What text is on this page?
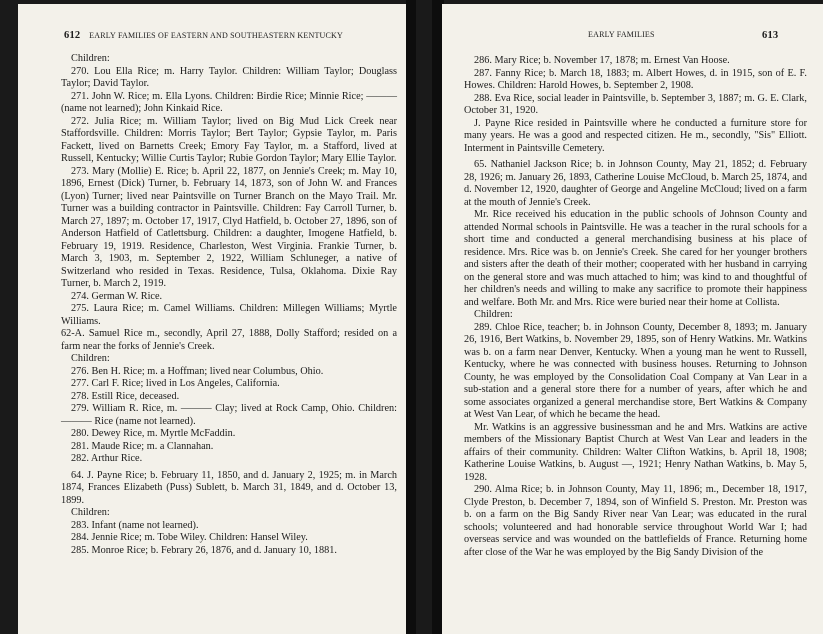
612 EARLY FAMILIES OF EASTERN AND SOUTHEASTERN KENTUCKY

Children:

270. Lou Ella Rice; m. Harry Taylor. Children: William Taylor; Douglass Taylor; David Taylor.

271. John W. Rice; m. Ella Lyons. Children: Birdie Rice; Minnie Rice; ——— (name not learned); John Kinkaid Rice.

272. Julia Rice; m. William Taylor; lived on Big Mud Lick Creek near Staffordsville. Children: Morris Taylor; Bert Taylor; Gypsie Taylor, m. Paris Fackett, lived on Barnetts Creek; Emory Fay Taylor, m. a Stafford, lived at Russell, Kentucky; Willie Curtis Taylor; Rubie Gordon Taylor; Mary Ellie Taylor.

273. Mary (Mollie) E. Rice; b. April 22, 1877, on Jennie's Creek; m. May 10, 1896, Ernest (Dick) Turner, b. February 14, 1873, son of John W. and Frances (Lyon) Turner; lived near Paintsville on Turner Branch on the Mayo Trail. Mr. Turner was a building contractor in Paintsville. Children: Fay Carroll Turner, b. March 27, 1897; m. October 17, 1917, Clyd Hatfield, b. October 27, 1896, son of Anderson Hatfield of Catlettsburg. Children: a daughter, Imogene Hatfield, b. February 19, 1919. Residence, Charleston, West Virginia. Frankie Turner, b. March 3, 1903, m. September 2, 1922, William Schluneger, a native of Switzerland who resided in Texas. Residence, Tulsa, Oklahoma. Dixie Ray Turner, b. March 2, 1919.

274. German W. Rice.

275. Laura Rice; m. Camel Williams. Children: Millegen Williams; Myrtle Williams.

62-A. Samuel Rice m., secondly, April 27, 1888, Dolly Stafford; resided on a farm near the forks of Jennie's Creek.

Children:

276. Ben H. Rice; m. a Hoffman; lived near Columbus, Ohio.

277. Carl F. Rice; lived in Los Angeles, California.

278. Estill Rice, deceased.

279. William R. Rice, m. ——— Clay; lived at Rock Camp, Ohio. Children: ——— Rice (name not learned).

280. Dewey Rice, m. Myrtle McFaddin.

281. Maude Rice; m. a Clannahan.

282. Arthur Rice.

64. J. Payne Rice; b. February 11, 1850, and d. January 2, 1925; m. in March 1874, Frances Elizabeth (Puss) Sublett, b. March 31, 1849, and d. October 13, 1899.

Children:

283. Infant (name not learned).

284. Jennie Rice; m. Tobe Wiley. Children: Hansel Wiley.

285. Monroe Rice; b. Febrary 26, 1876, and d. January 10, 1881.

EARLY FAMILIES	613

286. Mary Rice; b. November 17, 1878; m. Ernest Van Hoose.

287. Fanny Rice; b. March 18, 1883; m. Albert Howes, d. in 1915, son of E. F. Howes. Children: Harold Howes, b. September 2, 1908.

288. Eva Rice, social leader in Paintsville, b. September 3, 1887; m. G. E. Clark, October 31, 1920.

J. Payne Rice resided in Paintsville where he conducted a furniture store for many years. He was a good and respected citizen. He m., secondly, "Sis" Elliott. Interment in Paintsville Cemetery.

65. Nathaniel Jackson Rice; b. in Johnson County, May 21, 1852; d. February 28, 1926; m. January 26, 1893, Catherine Louise McCloud, b. March 25, 1874, and d. November 12, 1920, daughter of George and Angeline McCloud; lived on a farm at the mouth of Jennie's Creek.

Mr. Rice received his education in the public schools of Johnson County and attended Normal schools in Paintsville. He was a teacher in the rural schools for a short time and conducted a general merchandising business at his place of residence. Mrs. Rice was b. on Jennie's Creek. She cared for her younger brothers and sisters after the death of their mother; cooperated with her husband in carrying on the general store and was much attached to him; was kind to and thoughtful of her children's needs and willing to make any sacrifice to promote their happiness and welfare. Both Mr. and Mrs. Rice were buried near their home at Collista.

Children:

289. Chloe Rice, teacher; b. in Johnson County, December 8, 1893; m. January 26, 1916, Bert Watkins, b. November 29, 1895, son of Henry Watkins. Mr. Watkins was b. on a farm near Denver, Kentucky. When a young man he went to Russell, Kentucky, where he was connected with business houses. Returning to Johnson County, he was employed by the Consolidation Coal Company at Van Lear in a sub-station and a general store there for a number of years, after which he and some associates organized a general merchandise store, Bert Watkins & Company at West Van Lear, of which he became the head.

Mr. Watkins is an aggressive businessman and he and Mrs. Watkins are active members of the Missionary Baptist Church at West Van Lear and leaders in the affairs of their community. Children: Walter Clifton Watkins, b. April 18, 1908; Katherine Louise Watkins, b. August —, 1921; Henry Nathan Watkins, b. May 5, 1928.

290. Alma Rice; b. in Johnson County, May 11, 1896; m., December 18, 1917, Clyde Preston, b. December 7, 1894, son of Winfield S. Preston. Mr. Preston was b. on a farm on the Big Sandy River near Van Lear; was educated in the rural schools; volunteered and had honorable service throughout World War I; had overseas service and was wounded on the battlefields of France. Returning home after close of the War he was employed by the Big Sandy Division of the
